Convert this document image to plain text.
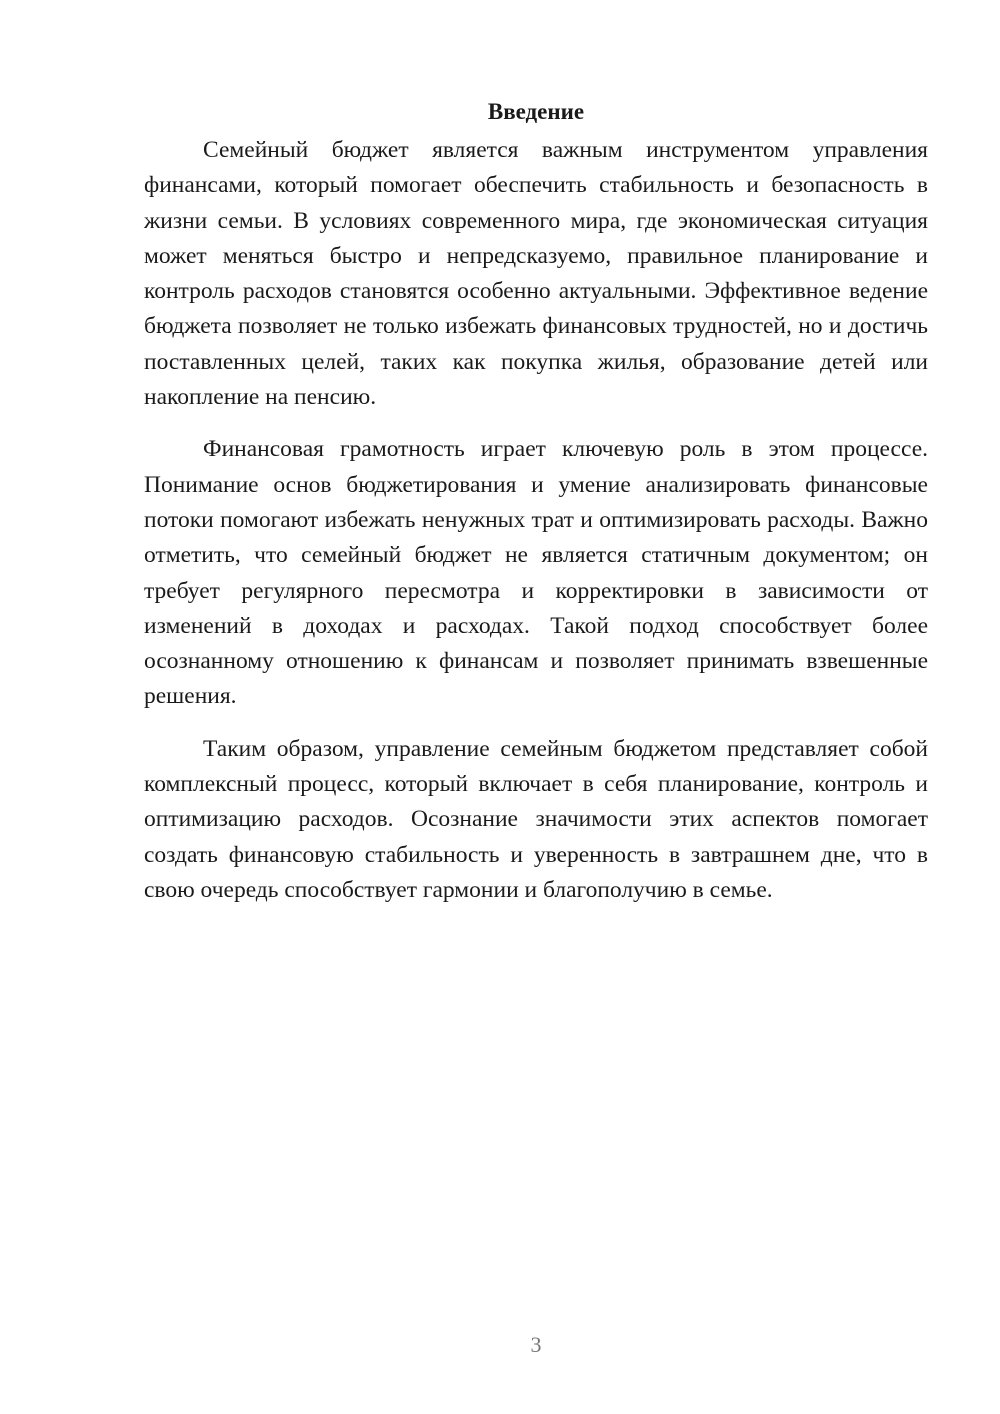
Введение

Семейный бюджет является важным инструментом управления финансами, который помогает обеспечить стабильность и безопасность в жизни семьи. В условиях современного мира, где экономическая ситуация может меняться быстро и непредсказуемо, правильное планирование и контроль расходов становятся особенно актуальными. Эффективное ведение бюджета позволяет не только избежать финансовых трудностей, но и достичь поставленных целей, таких как покупка жилья, образование детей или накопление на пенсию.

Финансовая грамотность играет ключевую роль в этом процессе. Понимание основ бюджетирования и умение анализировать финансовые потоки помогают избежать ненужных трат и оптимизировать расходы. Важно отметить, что семейный бюджет не является статичным документом; он требует регулярного пересмотра и корректировки в зависимости от изменений в доходах и расходах. Такой подход способствует более осознанному отношению к финансам и позволяет принимать взвешенные решения.

Таким образом, управление семейным бюджетом представляет собой комплексный процесс, который включает в себя планирование, контроль и оптимизацию расходов. Осознание значимости этих аспектов помогает создать финансовую стабильность и уверенность в завтрашнем дне, что в свою очередь способствует гармонии и благополучию в семье.

3
